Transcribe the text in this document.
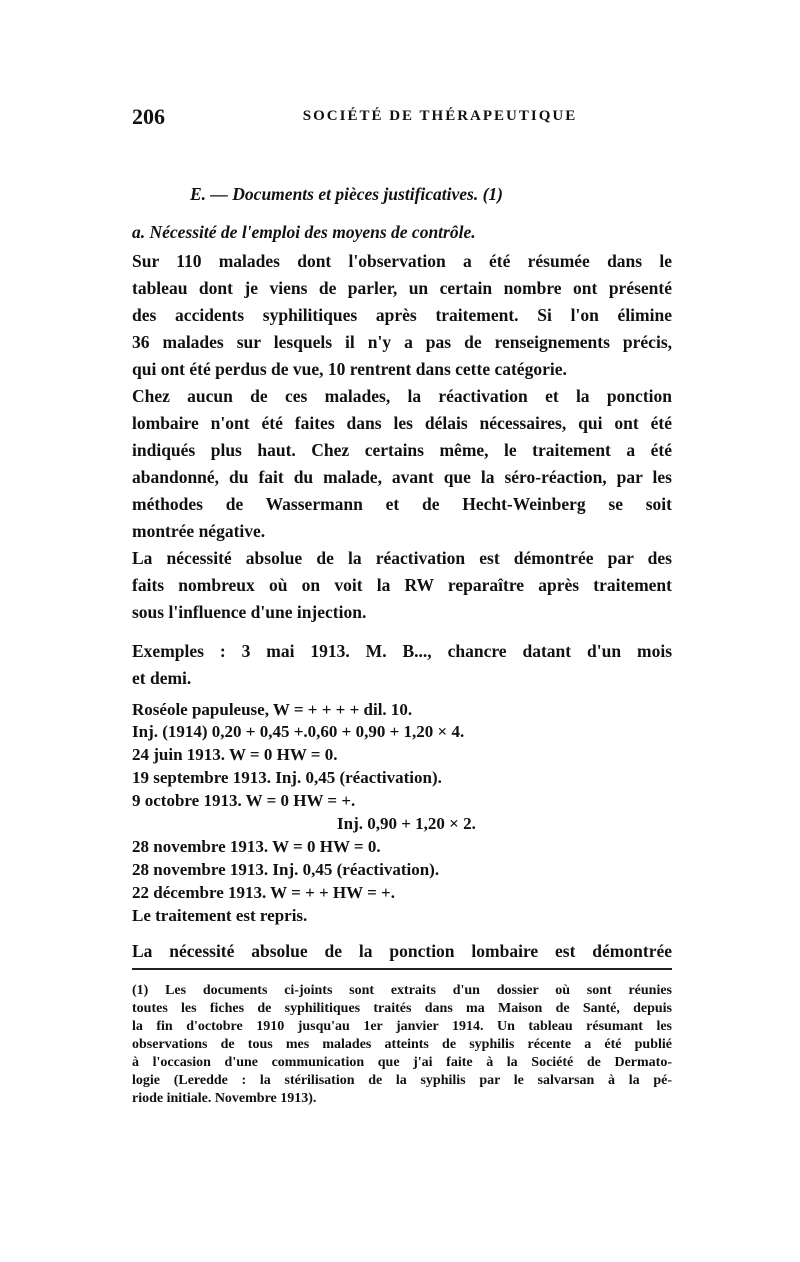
206	SOCIÉTÉ DE THÉRAPEUTIQUE
E. — Documents et pièces justificatives. (1)
a. Nécessité de l'emploi des moyens de contrôle.
Sur 110 malades dont l'observation a été résumée dans le
tableau dont je viens de parler, un certain nombre ont présenté
des accidents syphilitiques après traitement. Si l'on élimine
36 malades sur lesquels il n'y a pas de renseignements précis,
qui ont été perdus de vue, 10 rentrent dans cette catégorie.
Chez aucun de ces malades, la réactivation et la ponction
lombaire n'ont été faites dans les délais nécessaires, qui ont été
indiqués plus haut. Chez certains même, le traitement a été
abandonné, du fait du malade, avant que la séro-réaction, par les
méthodes de Wassermann et de Hecht-Weinberg se soit
montrée négative.
La nécessité absolue de la réactivation est démontrée par des
faits nombreux où on voit la RW reparaître après traitement
sous l'influence d'une injection.
Exemples : 3 mai 1913. M. B..., chancre datant d'un mois
et demi.
Roséole papuleuse, W = + + + + dil. 10.
Inj. (1914) 0,20 + 0,45 +.0,60 + 0,90 + 1,20 × 4.
24 juin 1913. W = 0 HW = 0.
19 septembre 1913. Inj. 0,45 (réactivation).
9 octobre 1913. W = 0 HW = +.
Inj. 0,90 + 1,20 × 2.
28 novembre 1913. W = 0 HW = 0.
28 novembre 1913. Inj. 0,45 (réactivation).
22 décembre 1913. W = + + HW = +.
Le traitement est repris.
La nécessité absolue de la ponction lombaire est démontrée
(1) Les documents ci-joints sont extraits d'un dossier où sont réunies
toutes les fiches de syphilitiques traités dans ma Maison de Santé, depuis
la fin d'octobre 1910 jusqu'au 1er janvier 1914. Un tableau résumant les
observations de tous mes malades atteints de syphilis récente a été publié
à l'occasion d'une communication que j'ai faite à la Société de Dermato-
logie (Leredde : la stérilisation de la syphilis par le salvarsan à la pé-
riode initiale. Novembre 1913).
